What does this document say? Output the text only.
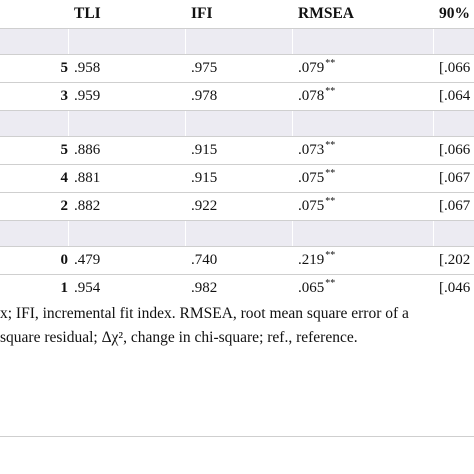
TLI	IFI	RMSEA	90%
5 .958	.975	.079 **	[.066
3 .959	.978	.078 **	[.064
5 .886	.915	.073 **	[.066
4 .881	.915	.075 **	[.067
2 .882	.922	.075 **	[.067
0 .479	.740	.219 **	[.202
1 .954	.982	.065 **	[.046

x; IFI, incremental fit index. RMSEA, root mean square error of a

square residual; Δχ², change in chi-square; ref., reference.
